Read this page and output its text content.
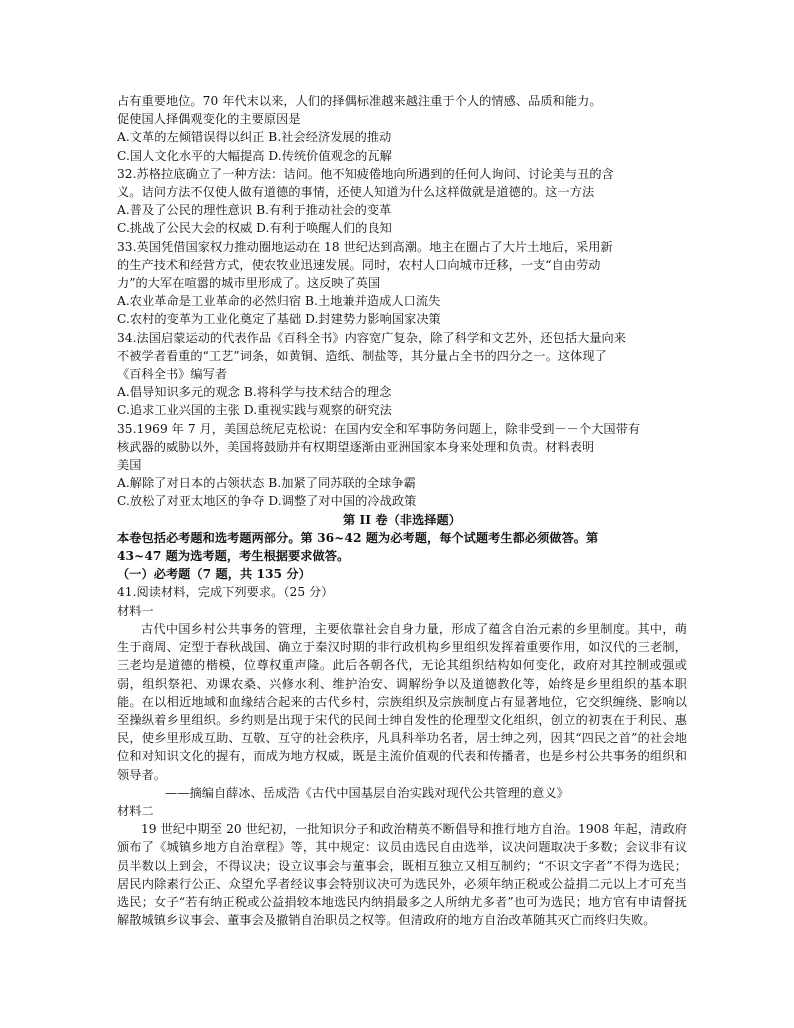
占有重要地位。70 年代末以来，人们的择偶标准越来越注重于个人的情感、品质和能力。

促使国人择偶观变化的主要原因是

A.文革的左倾错误得以纠正 B.社会经济发展的推动

C.国人文化水平的大幅提高 D.传统价值观念的瓦解

32.苏格拉底确立了一种方法：诘问。他不知疲倦地向所遇到的任何人询问、讨论美与丑的含

义。诘问方法不仅使人做有道德的事情，还使人知道为什么这样做就是道德的。这一方法

A.普及了公民的理性意识 B.有利于推动社会的变革

C.挑战了公民大会的权威 D.有利于唤醒人们的良知

33.英国凭借国家权力推动圈地运动在 18 世纪达到高潮。地主在圈占了大片土地后，采用新

的生产技术和经营方式，使农牧业迅速发展。同时，农村人口向城市迁移，一支“自由劳动

力”的大军在喧嚣的城市里形成了。这反映了英国

A.农业革命是工业革命的必然归宿 B.土地兼并造成人口流失

C.农村的变革为工业化奠定了基础 D.封建势力影响国家决策

34.法国启蒙运动的代表作品《百科全书》内容宽广复杂，除了科学和文艺外，还包括大量向来

不被学者看重的“工艺”词条，如黄铜、造纸、制盐等，其分量占全书的四分之一。这体现了

《百科全书》编写者

A.倡导知识多元的观念 B.将科学与技术结合的理念

C.追求工业兴国的主张 D.重视实践与观察的研究法

35.1969 年 7 月，美国总统尼克松说：在国内安全和军事防务问题上，除非受到－－个大国带有

核武器的威胁以外，美国将鼓励并有权期望逐渐由亚洲国家本身来处理和负责。材料表明

美国

A.解除了对日本的占领状态 B.加紧了同苏联的全球争霸

C.放松了对亚太地区的争夺 D.调整了对中国的冷战政策

第 II 卷（非选择题）

本卷包括必考题和选考题两部分。第 36~42 题为必考题，每个试题考生都必须做答。第

43~47 题为选考题，考生根据要求做答。

（一）必考题（7 题，共 135 分）

41.阅读材料，完成下列要求。（25 分）

材料一

古代中国乡村公共事务的管理，主要依靠社会自身力量，形成了蕴含自治元素的乡里制度。其中，萌生于商周、定型于春秋战国、确立于秦汉时期的非行政机构乡里组织发挥着重要作用，如汉代的三老制，三老均是道德的楷模，位尊权重声隆。此后各朝各代，无论其组织结构如何变化，政府对其控制或强或弱，组织祭祀、劝课农桑、兴修水利、维护治安、调解纷争以及道德教化等，始终是乡里组织的基本职能。在以相近地域和血缘结合起来的古代乡村，宗族组织及宗族制度占有显著地位，它交织缠绕、影响以至操纵着乡里组织。乡约则是出现于宋代的民间士绅自发性的伦理型文化组织，创立的初衷在于利民、惠民，使乡里形成互助、互敬、互守的社会秩序，凡具科举功名者，居士绅之列，因其“四民之首”的社会地位和对知识文化的握有，而成为地方权威，既是主流价值观的代表和传播者，也是乡村公共事务的组织和领导者。

——摘编自薛冰、岳成浩《古代中国基层自治实践对现代公共管理的意义》

材料二

19 世纪中期至 20 世纪初，一批知识分子和政治精英不断倡导和推行地方自治。1908 年起，清政府颁布了《城镇乡地方自治章程》等，其中规定：议员由选民自由选举，议决问题取决于多数；会议非有议员半数以上到会，不得议决；设立议事会与董事会，既相互独立又相互制约；“不识文字者”不得为选民；居民内除素行公正、众望允孚者经议事会特别议决可为选民外，必须年纳正税或公益捐二元以上才可充当选民；女子“若有纳正税或公益捐较本地选民内纳捐最多之人所纳尤多者”也可为选民；地方官有申请督抚解散城镇乡议事会、董事会及撤销自治职员之权等。但清政府的地方自治改革随其灭亡而终归失败。
